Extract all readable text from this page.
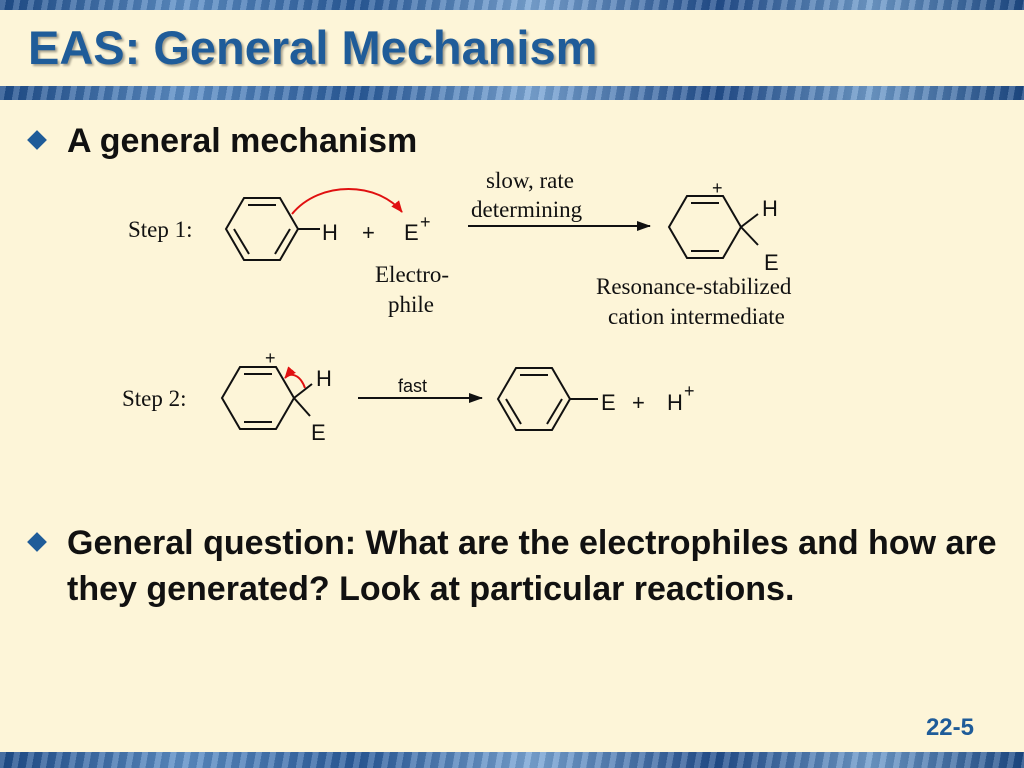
EAS: General Mechanism
A general mechanism
Step 1:	H + E +
Electro-
phile
slow, rate
determining
+
H
E
Resonance-stabilized
cation intermediate
Step 2:
+
H
E
fast
E + H +
General question: What are the electrophiles and how are they generated? Look at particular reactions.
22-5
